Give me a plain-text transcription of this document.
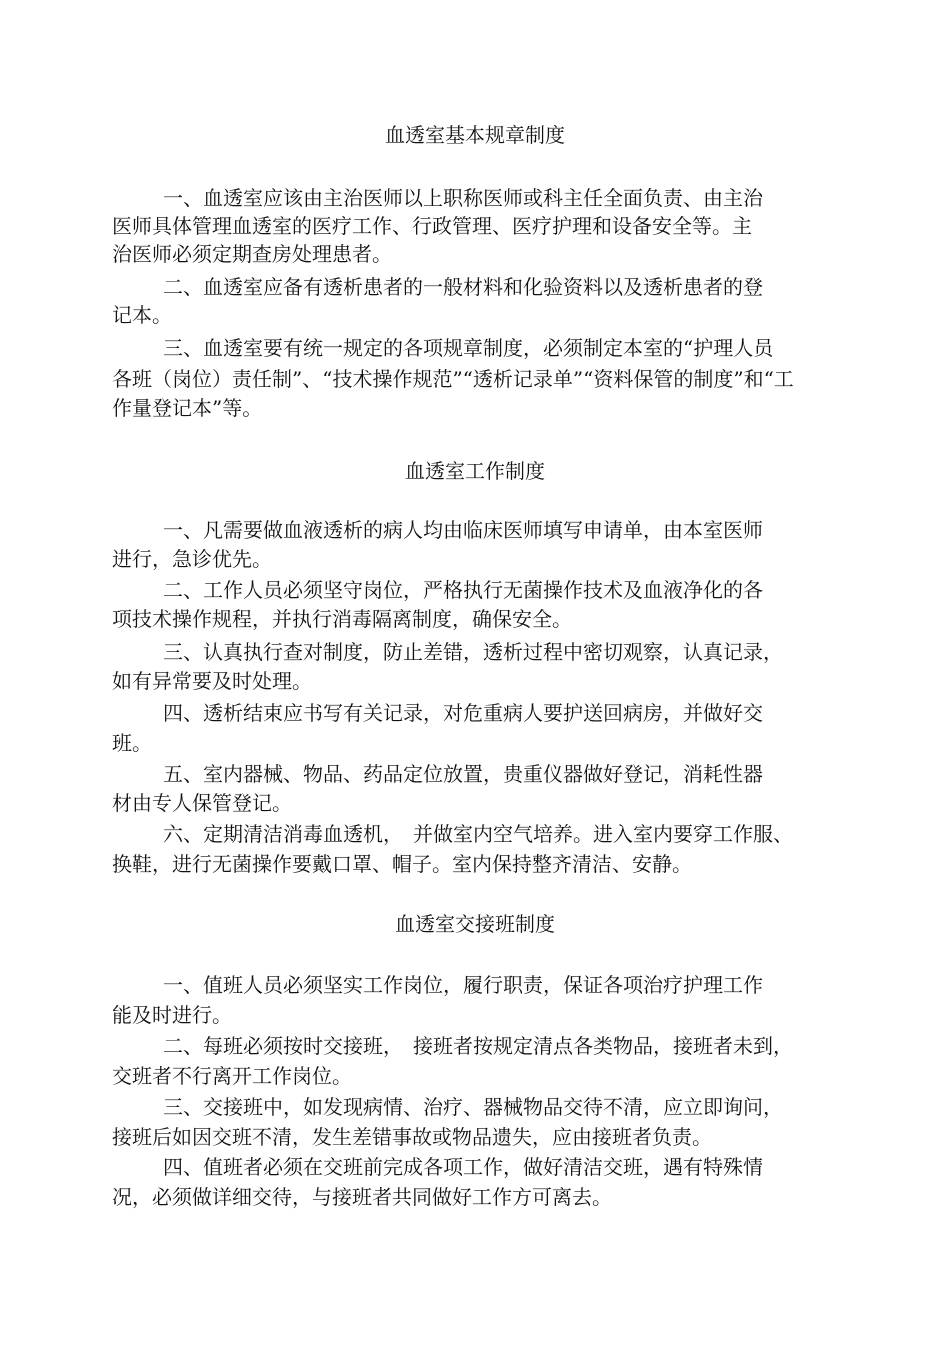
血透室基本规章制度
一、血透室应该由主治医师以上职称医师或科主任全面负责、由主治
医师具体管理血透室的医疗工作、行政管理、医疗护理和设备安全等。主
治医师必须定期查房处理患者。
二、血透室应备有透析患者的一般材料和化验资料以及透析患者的登
记本。
三、血透室要有统一规定的各项规章制度，必须制定本室的“护理人员
各班（岗位）责任制”、“技术操作规范”“透析记录单”“资料保管的制度”和“工
作量登记本”等。
血透室工作制度
一、凡需要做血液透析的病人均由临床医师填写申请单，由本室医师
进行，急诊优先。
二、工作人员必须坚守岗位，严格执行无菌操作技术及血液净化的各
项技术操作规程，并执行消毒隔离制度，确保安全。
三、认真执行查对制度，防止差错，透析过程中密切观察，认真记录，
如有异常要及时处理。
四、透析结束应书写有关记录，对危重病人要护送回病房，并做好交
班。
五、室内器械、物品、药品定位放置，贵重仪器做好登记，消耗性器
材由专人保管登记。
六、定期清洁消毒血透机，　并做室内空气培养。进入室内要穿工作服、
换鞋，进行无菌操作要戴口罩、帽子。室内保持整齐清洁、安静。
血透室交接班制度
一、值班人员必须坚实工作岗位，履行职责，保证各项治疗护理工作
能及时进行。
二、每班必须按时交接班，　接班者按规定清点各类物品，接班者未到，
交班者不行离开工作岗位。
三、交接班中，如发现病情、治疗、器械物品交待不清，应立即询问，
接班后如因交班不清，发生差错事故或物品遗失，应由接班者负责。
四、值班者必须在交班前完成各项工作，做好清洁交班，遇有特殊情
况，必须做详细交待，与接班者共同做好工作方可离去。
